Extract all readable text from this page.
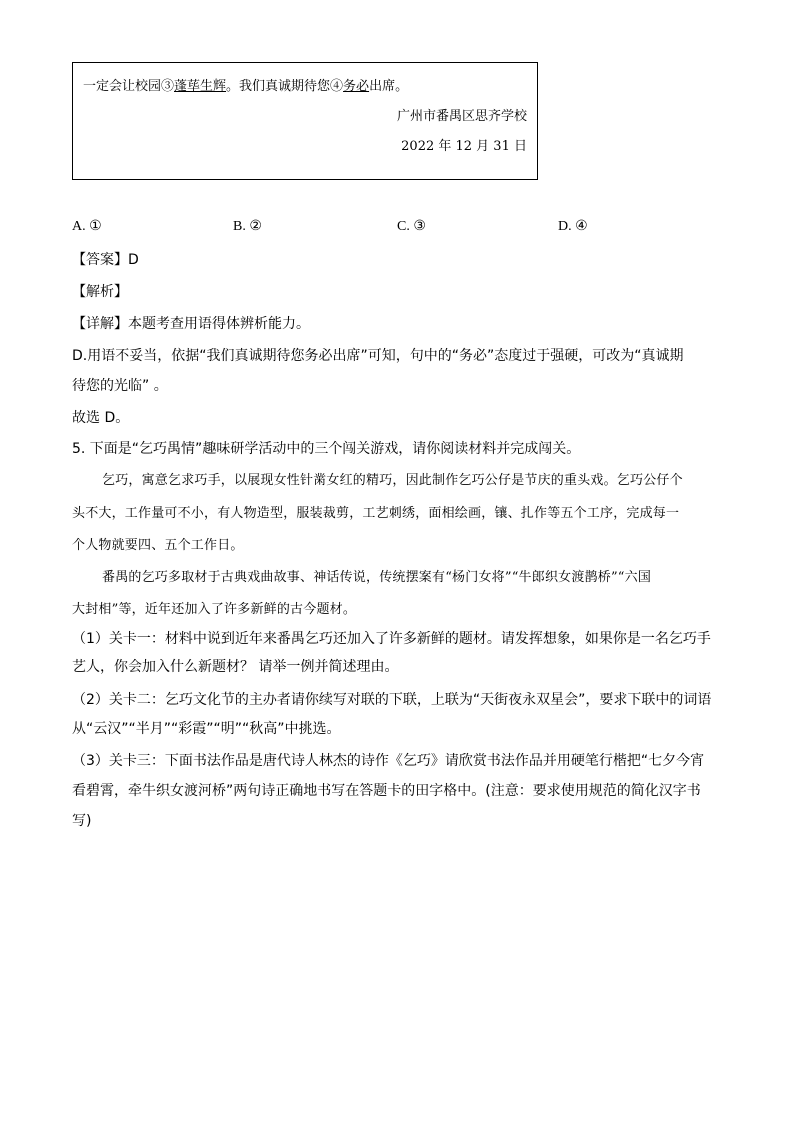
一定会让校园③蓬荜生辉。我们真诚期待您④务必出席。
广州市番禺区思齐学校
2022 年 12 月 31 日
A. ①	B. ②	C. ③	D. ④
【答案】D
【解析】
【详解】本题考查用语得体辨析能力。
D.用语不妥当，依据“我们真诚期待您务必出席”可知，句中的“务必”态度过于强硬，可改为“真诚期
待您的光临” 。
故选 D。
5. 下面是“乞巧禺情”趣味研学活动中的三个闯关游戏，请你阅读材料并完成闯关。
乞巧，寓意乞求巧手，以展现女性针黹女红的精巧，因此制作乞巧公仔是节庆的重头戏。乞巧公仔个
头不大，工作量可不小，有人物造型，服装裁剪，工艺刺绣，面相绘画，镶、扎作等五个工序，完成每一
个人物就要四、五个工作日。
番禺的乞巧多取材于古典戏曲故事、神话传说，传统摆案有“杨门女将”“牛郎织女渡鹊桥”“六国
大封相”等，近年还加入了许多新鲜的古今题材。
（1）关卡一：材料中说到近年来番禺乞巧还加入了许多新鲜的题材。请发挥想象，如果你是一名乞巧手
艺人，你会加入什么新题材？ 请举一例并简述理由。
（2）关卡二：乞巧文化节的主办者请你续写对联的下联，上联为“天街夜永双星会”，要求下联中的词语
从“云汉”“半月”“彩霞”“明”“秋高”中挑选。
（3）关卡三：下面书法作品是唐代诗人林杰的诗作《乞巧》请欣赏书法作品并用硬笔行楷把“七夕今宵
看碧霄，牵牛织女渡河桥”两句诗正确地书写在答题卡的田字格中。(注意：要求使用规范的简化汉字书
写)
